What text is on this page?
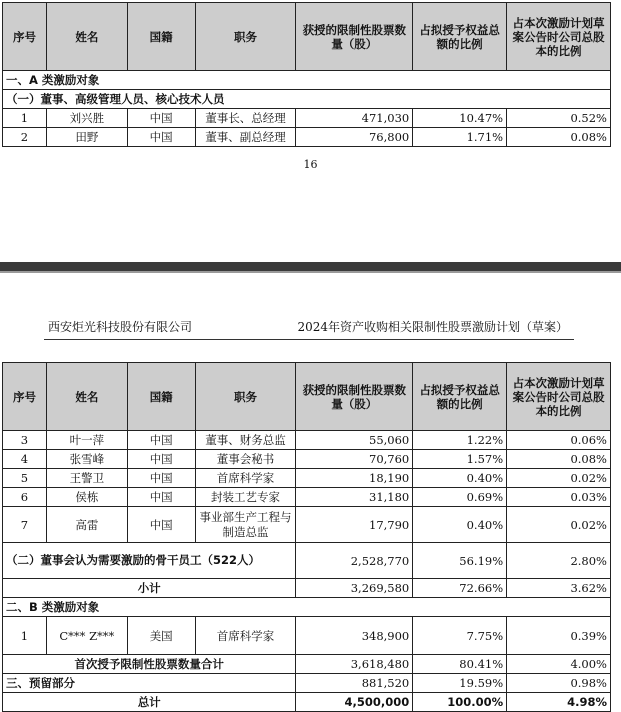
序号	姓名	国籍	职务	获授的限制性股票数量（股）	占拟授予权益总额的比例	占本次激励计划草案公告时公司总股本的比例
一、A 类激励对象						
（一）董事、高级管理人员、核心技术人员						
1	刘兴胜	中国	董事长、总经理	471,030	10.47%	0.52%
2	田野	中国	董事、副总经理	76,800	1.71%	0.08%
16
西安炬光科技股份有限公司	2024年资产收购相关限制性股票激励计划（草案）
序号	姓名	国籍	职务	获授的限制性股票数量（股）	占拟授予权益总额的比例	占本次激励计划草案公告时公司总股本的比例
3	叶一萍	中国	董事、财务总监	55,060	1.22%	0.06%
4	张雪峰	中国	董事会秘书	70,760	1.57%	0.08%
5	王警卫	中国	首席科学家	18,190	0.40%	0.02%
6	侯栋	中国	封装工艺专家	31,180	0.69%	0.03%
7	高雷	中国	事业部生产工程与制造总监	17,790	0.40%	0.02%
（二）董事会认为需要激励的骨干员工（522人）				2,528,770	56.19%	2.80%
小计				3,269,580	72.66%	3.62%
二、B 类激励对象						
1	C*** Z***	美国	首席科学家	348,900	7.75%	0.39%
首次授予限制性股票数量合计				3,618,480	80.41%	4.00%
三、预留部分				881,520	19.59%	0.98%
总计				4,500,000	100.00%	4.98%
